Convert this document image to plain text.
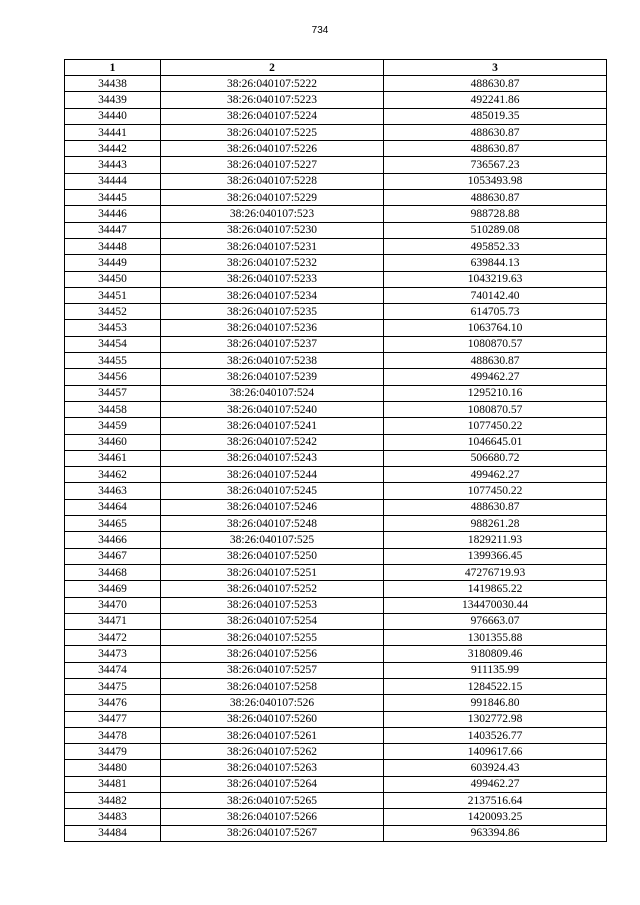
734
1	2	3
34438	38:26:040107:5222	488630.87
34439	38:26:040107:5223	492241.86
34440	38:26:040107:5224	485019.35
34441	38:26:040107:5225	488630.87
34442	38:26:040107:5226	488630.87
34443	38:26:040107:5227	736567.23
34444	38:26:040107:5228	1053493.98
34445	38:26:040107:5229	488630.87
34446	38:26:040107:523	988728.88
34447	38:26:040107:5230	510289.08
34448	38:26:040107:5231	495852.33
34449	38:26:040107:5232	639844.13
34450	38:26:040107:5233	1043219.63
34451	38:26:040107:5234	740142.40
34452	38:26:040107:5235	614705.73
34453	38:26:040107:5236	1063764.10
34454	38:26:040107:5237	1080870.57
34455	38:26:040107:5238	488630.87
34456	38:26:040107:5239	499462.27
34457	38:26:040107:524	1295210.16
34458	38:26:040107:5240	1080870.57
34459	38:26:040107:5241	1077450.22
34460	38:26:040107:5242	1046645.01
34461	38:26:040107:5243	506680.72
34462	38:26:040107:5244	499462.27
34463	38:26:040107:5245	1077450.22
34464	38:26:040107:5246	488630.87
34465	38:26:040107:5248	988261.28
34466	38:26:040107:525	1829211.93
34467	38:26:040107:5250	1399366.45
34468	38:26:040107:5251	47276719.93
34469	38:26:040107:5252	1419865.22
34470	38:26:040107:5253	134470030.44
34471	38:26:040107:5254	976663.07
34472	38:26:040107:5255	1301355.88
34473	38:26:040107:5256	3180809.46
34474	38:26:040107:5257	911135.99
34475	38:26:040107:5258	1284522.15
34476	38:26:040107:526	991846.80
34477	38:26:040107:5260	1302772.98
34478	38:26:040107:5261	1403526.77
34479	38:26:040107:5262	1409617.66
34480	38:26:040107:5263	603924.43
34481	38:26:040107:5264	499462.27
34482	38:26:040107:5265	2137516.64
34483	38:26:040107:5266	1420093.25
34484	38:26:040107:5267	963394.86
